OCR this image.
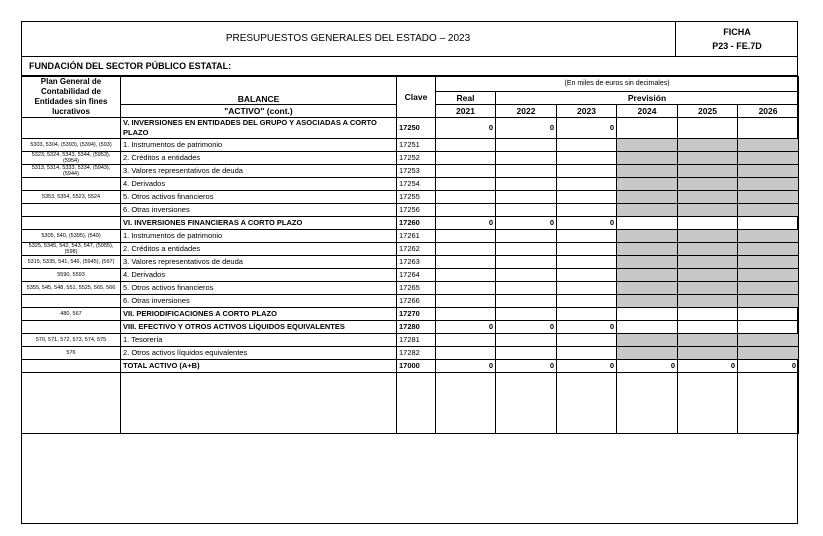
PRESUPUESTOS GENERALES DEL ESTADO – 2023
FICHA
P23 - FE.7D
FUNDACIÓN DEL SECTOR PÚBLICO ESTATAL:
Plan General de Contabilidad de Entidades sin fines lucrativos	BALANCE	Clave	(En miles de euros sin decimales)					
			Real	Previsión				
	"ACTIVO" (cont.)		2021	2022	2023	2024	2025	2026
	V. INVERSIONES EN ENTIDADES DEL GRUPO Y ASOCIADAS A CORTO PLAZO	17250	0	0	0			
5303, 5304, (5393), (5394), (593)	1. Instrumentos de patrimonio	17251						
5323, 5324, 5343, 5344, (5953), (5954)	2. Créditos a entidades	17252						
5313, 5314, 5333, 5334, (5943), (5944)	3. Valores representativos de deuda	17253						
	4. Derivados	17254						
5353, 5354, 5523, 5524	5. Otros activos financieros	17255						
	6. Otras inversiones	17256						
	VI. INVERSIONES FINANCIERAS A CORTO PLAZO	17260	0	0	0			
5305, 540, (5395), (549)	1. Instrumentos de patrimonio	17261						
5325, 5345, 542, 543, 547, (5955), (598)	2. Créditos a entidades	17262						
5315, 5335, 541, 546, (5945), (597)	3. Valores representativos de deuda	17263						
5590, 5593	4. Derivados	17264						
5355, 545, 548, 551, 5525, 565, 566	5. Otros activos financieros	17265						
	6. Otras inversiones	17266						
480, 567	VII. PERIODIFICACIONES A CORTO PLAZO	17270						
	VIII. EFECTIVO Y OTROS ACTIVOS LÍQUIDOS EQUIVALENTES	17280	0	0	0			
570, 571, 572, 573, 574, 575	1. Tesorería	17281						
576	2. Otros activos líquidos equivalentes	17282						
	TOTAL ACTIVO (A+B)	17000	0	0	0	0	0	0
